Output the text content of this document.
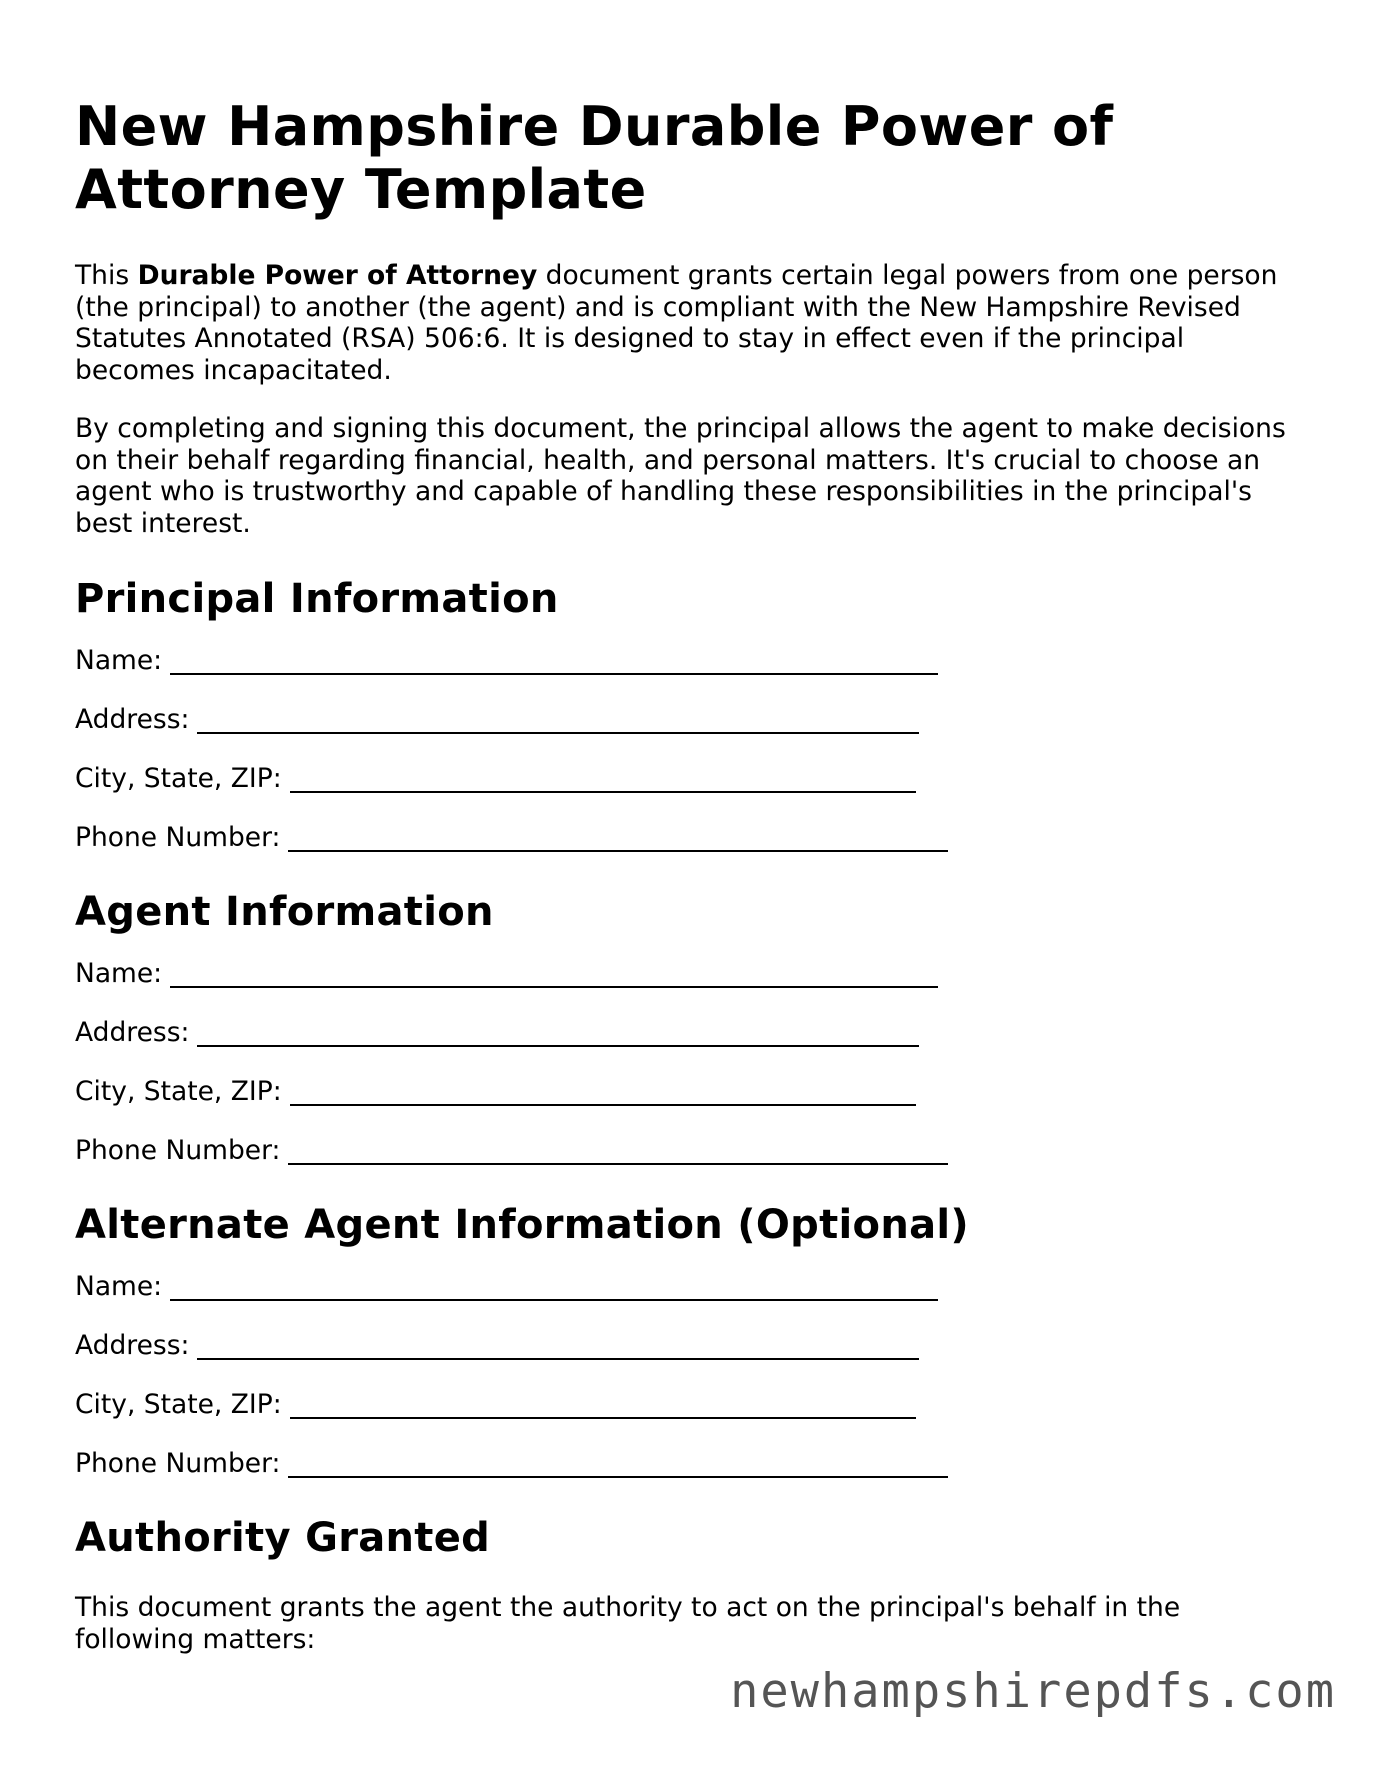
New Hampshire Durable Power of Attorney Template

This Durable Power of Attorney document grants certain legal powers from one person (the principal) to another (the agent) and is compliant with the New Hampshire Revised Statutes Annotated (RSA) 506:6. It is designed to stay in effect even if the principal becomes incapacitated.

By completing and signing this document, the principal allows the agent to make decisions on their behalf regarding financial, health, and personal matters. It's crucial to choose an agent who is trustworthy and capable of handling these responsibilities in the principal's best interest.

Principal Information
Name:
Address:
City, State, ZIP:
Phone Number:
Agent Information
Name:
Address:
City, State, ZIP:
Phone Number:
Alternate Agent Information (Optional)
Name:
Address:
City, State, ZIP:
Phone Number:
Authority Granted

This document grants the agent the authority to act on the principal's behalf in the following matters:

newhampshirepdfs.com
